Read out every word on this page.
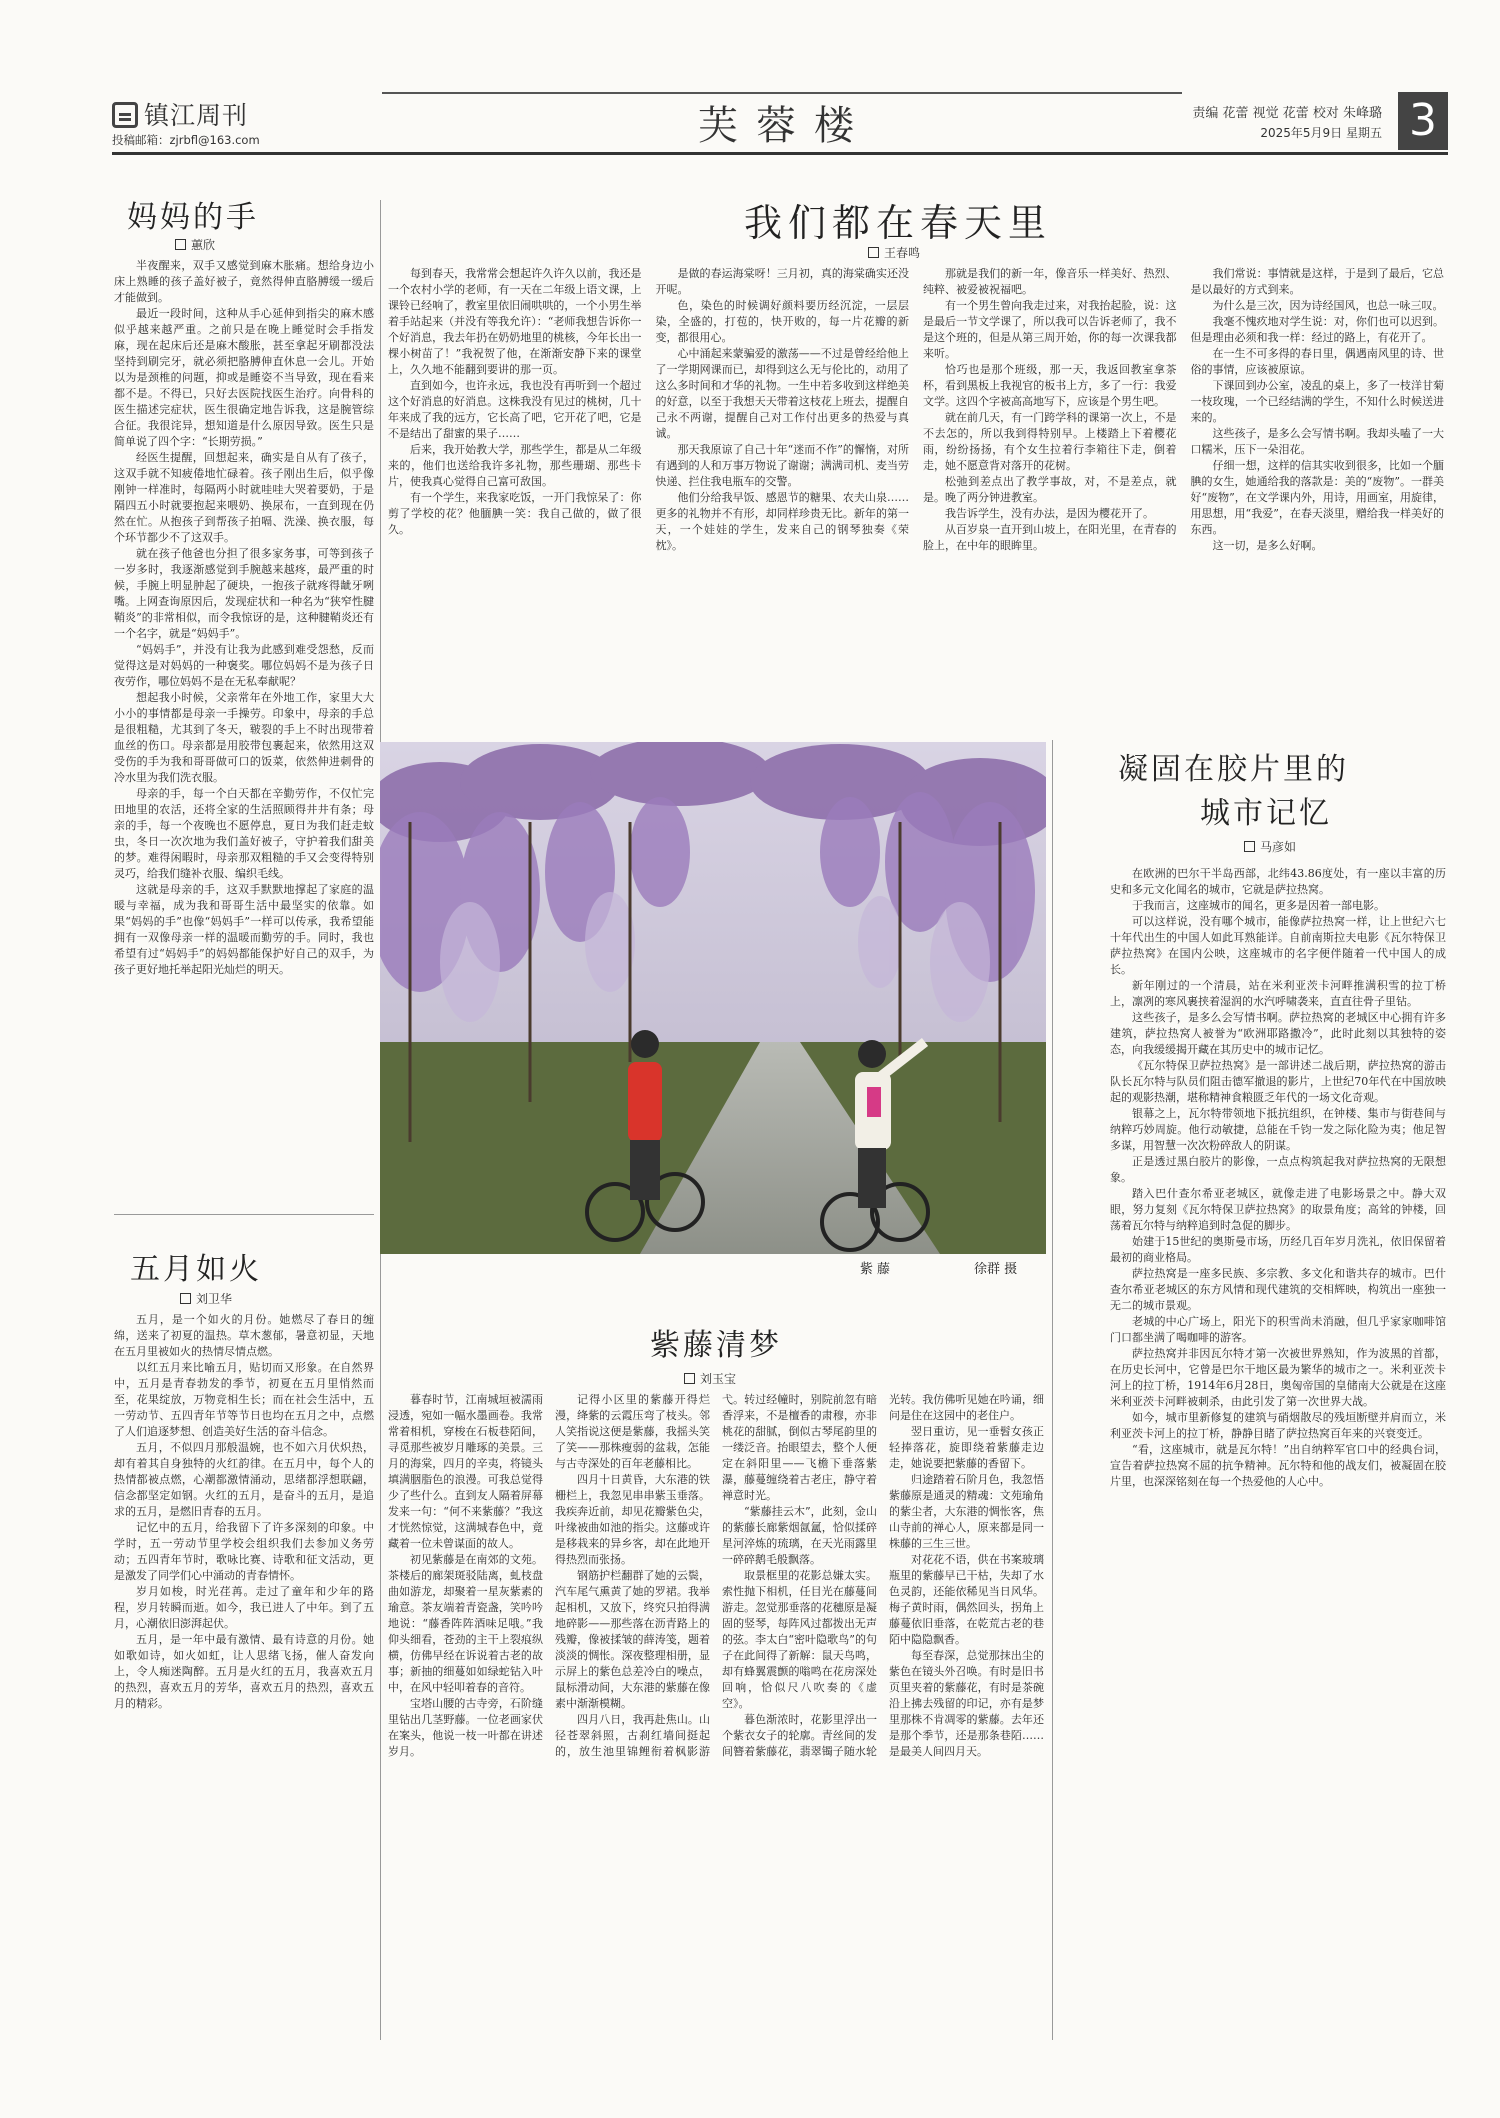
镇江周刊
投稿邮箱：zjrbfl@163.com	芙蓉楼	责编 花蕾 视觉 花蕾 校对 朱峰璐
2025年5月9日 星期五 3
妈妈的手
蕙欣

半夜醒来，双手又感觉到麻木胀痛。想给身边小床上熟睡的孩子盖好被子，竟然得伸直胳膊缓一缓后才能做到。

最近一段时间，这种从手心延伸到指尖的麻木感似乎越来越严重。之前只是在晚上睡觉时会手指发麻，现在起床后还是麻木酸胀，甚至拿起牙刷都没法坚持到刷完牙，就必须把胳膊伸直休息一会儿。开始以为是颈椎的问题，抑或是睡姿不当导致，现在看来都不是。不得已，只好去医院找医生治疗。向骨科的医生描述完症状，医生很确定地告诉我，这是腕管综合征。我很诧异，想知道是什么原因导致。医生只是简单说了四个字：“长期劳损。”

经医生提醒，回想起来，确实是自从有了孩子，这双手就不知疲倦地忙碌着。孩子刚出生后，似乎像刚钟一样准时，每隔两小时就哇哇大哭着要奶，于是隔四五小时就要抱起来喂奶、换尿布，一直到现在仍然在忙。从抱孩子到帮孩子拍嗝、洗澡、换衣服，每个环节都少不了这双手。

就在孩子他爸也分担了很多家务事，可等到孩子一岁多时，我逐渐感觉到手腕越来越疼，最严重的时候，手腕上明显肿起了硬块，一抱孩子就疼得龇牙咧嘴。上网查询原因后，发现症状和一种名为“狭窄性腱鞘炎”的非常相似，而令我惊讶的是，这种腱鞘炎还有一个名字，就是“妈妈手”。

“妈妈手”，并没有让我为此感到难受怨愁，反而觉得这是对妈妈的一种褒奖。哪位妈妈不是为孩子日夜劳作，哪位妈妈不是在无私奉献呢？

想起我小时候，父亲常年在外地工作，家里大大小小的事情都是母亲一手操劳。印象中，母亲的手总是很粗糙，尤其到了冬天，皲裂的手上不时出现带着血丝的伤口。母亲都是用胶带包裹起来，依然用这双受伤的手为我和哥哥做可口的饭菜，依然伸进刺骨的冷水里为我们洗衣服。

母亲的手，每一个白天都在辛勤劳作，不仅忙完田地里的农活，还将全家的生活照顾得井井有条；母亲的手，每一个夜晚也不愿停息，夏日为我们赶走蚊虫，冬日一次次地为我们盖好被子，守护着我们甜美的梦。难得闲暇时，母亲那双粗糙的手又会变得特别灵巧，给我们缝补衣服、编织毛线。

这就是母亲的手，这双手默默地撑起了家庭的温暖与幸福，成为我和哥哥生活中最坚实的依靠。如果“妈妈的手”也像“妈妈手”一样可以传承，我希望能拥有一双像母亲一样的温暖而勤劳的手。同时，我也希望有过“妈妈手”的妈妈都能保护好自己的双手，为孩子更好地托举起阳光灿烂的明天。

五月如火
刘卫华

五月，是一个如火的月份。她燃尽了春日的缠绵，送来了初夏的温热。草木葱郁，暑意初显，天地在五月里被如火的热情尽情点燃。

以红五月来比喻五月，贴切而又形象。在自然界中，五月是青春勃发的季节，初夏在五月里悄然而至，花果绽放，万物竞相生长；而在社会生活中，五一劳动节、五四青年节等节日也均在五月之中，点燃了人们追逐梦想、创造美好生活的奋斗信念。

五月，不似四月那般温婉，也不如六月伏炽热，却有着其自身独特的火红韵律。在五月中，每个人的热情都被点燃，心潮都激情涌动，思绪都浮想联翩，信念都坚定如钢。火红的五月，是奋斗的五月，是追求的五月，是燃旧青春的五月。

记忆中的五月，给我留下了许多深刻的印象。中学时，五一劳动节里学校会组织我们去参加义务劳动；五四青年节时，歌咏比赛、诗歌和征文活动，更是激发了同学们心中涌动的青春情怀。

岁月如梭，时光荏苒。走过了童年和少年的路程，岁月转瞬而逝。如今，我已进人了中年。到了五月，心潮依旧澎湃起伏。

五月，是一年中最有激情、最有诗意的月份。她如歌如诗，如火如虹，让人思绪飞扬，催人奋发向上，令人痴迷陶醉。五月是火红的五月，我喜欢五月的热烈，喜欢五月的芳华，喜欢五月的热烈，喜欢五月的精彩。

我们都在春天里
王春鸣

每到春天，我常常会想起许久许久以前，我还是一个农村小学的老师，有一天在二年级上语文课，上课铃已经响了，教室里依旧闹哄哄的，一个小男生举着手站起来（并没有等我允许）：“老师我想告诉你一个好消息，我去年扔在奶奶地里的桃核，今年长出一棵小树苗了！”我祝贺了他，在渐渐安静下来的课堂上，久久地不能翻到要讲的那一页。

直到如今，也许永远，我也没有再听到一个超过这个好消息的好消息。这株我没有见过的桃树，几十年来成了我的远方，它长高了吧，它开花了吧，它是不是结出了甜蜜的果子……

后来，我开始教大学，那些学生，都是从二年级来的，他们也送给我许多礼物，那些珊瑚、那些卡片，使我真心觉得自己富可敌国。

有一个学生，来我家吃饭，一开门我惊呆了：你剪了学校的花？他腼腆一笑：我自己做的，做了很久。

是做的春运海棠呀！三月初，真的海棠确实还没开呢。

色，染色的时候调好颜料要历经沉淀，一层层染，全盛的，打苞的，快开败的，每一片花瓣的新变，都很用心。

心中涌起来蒙骗爱的激荡——不过是曾经给他上了一学期网课而已，却得到这么无与伦比的，动用了这么多时间和才华的礼物。一生中若多收到这样绝美的好意，以至于我想天天带着这枝花上班去，提醒自己永不两谢，提醒自己对工作付出更多的热爱与真诚。

那天我原谅了自己十年“迷而不作”的懈惰，对所有遇到的人和万事万物说了谢谢；满满司机、麦当劳快递、拦住我电瓶车的交警。

他们分给我早饭、感恩节的糖果、农夫山泉……更多的礼物并不有形，却同样珍贵无比。新年的第一天，一个娃娃的学生，发来自己的钢琴独奏《荣枕》。

那就是我们的新一年，像音乐一样美好、热烈、纯粹、被爱被祝福吧。

有一个男生曾向我走过来，对我抬起脸，说：这是最后一节文学课了，所以我可以告诉老师了，我不是这个班的，但是从第三周开始，你的每一次课我都来听。

恰巧也是那个班级，那一天，我返回教室拿茶杯，看到黑板上我视官的板书上方，多了一行：我爱文学。这四个字被高高地写下，应该是个男生吧。

就在前几天，有一门跨学科的课第一次上，不是不去怎的，所以我到得特别早。上楼踏上下着樱花雨，纷纷扬扬，有个女生拉着行李箱往下走，倒着走，她不愿意背对落开的花树。

松弛到差点出了教学事故，对，不是差点，就是。晚了两分钟进教室。

我告诉学生，没有办法，是因为樱花开了。

从百岁泉一直开到山坡上，在阳光里，在青春的脸上，在中年的眼眸里。

我们常说：事情就是这样，于是到了最后，它总是以最好的方式到来。

为什么是三次，因为诗经国风，也总一咏三叹。

我毫不愧疚地对学生说：对，你们也可以迟到。但是理由必须和我一样：经过的路上，有花开了。

在一生不可多得的春日里，偶遇南风里的诗、世俗的事情，应该被原谅。

下课回到办公室，凌乱的桌上，多了一枝洋甘菊一枝玫瑰，一个已经结满的学生，不知什么时候送进来的。

这些孩子，是多么会写情书啊。我却头嗑了一大口糯米，压下一朵泪花。

仔细一想，这样的信其实收到很多，比如一个腼腆的女生，她通给我的落款是：美的“废物”。一群美好“废物”，在文学课内外，用诗，用画室，用旋律，用思想，用“我爱”，在春天淡里，赠给我一样美好的东西。

这一切，是多么好啊。

紫藤	徐群 摄
凝固在胶片里的
城市记忆
马彦如

在欧洲的巴尔干半岛西部，北纬43.86度处，有一座以丰富的历史和多元文化闻名的城市，它就是萨拉热窝。

于我而言，这座城市的闻名，更多是因着一部电影。

可以这样说，没有哪个城市，能像萨拉热窝一样，让上世纪六七十年代出生的中国人如此耳熟能详。自前南斯拉夫电影《瓦尔特保卫萨拉热窝》在国内公映，这座城市的名字便伴随着一代中国人的成长。

新年刚过的一个清晨，站在米利亚茨卡河畔推满积雪的拉丁桥上，凛冽的寒风裹挟着湿润的水汽呼啸袭来，直直往骨子里钻。

这些孩子，是多么会写情书啊。萨拉热窝的老城区中心拥有许多建筑，萨拉热窝人被誉为“欧洲耶路撒冷”，此时此刻以其独特的姿态，向我缓缓揭开藏在其历史中的城市记忆。

《瓦尔特保卫萨拉热窝》是一部讲述二战后期，萨拉热窝的游击队长瓦尔特与队员们阻击德军撤退的影片，上世纪70年代在中国放映起的观影热潮，堪称精神食粮匮乏年代的一场文化奇观。

银幕之上，瓦尔特带领地下抵抗组织，在钟楼、集市与街巷间与纳粹巧妙周旋。他行动敏捷，总能在千钧一发之际化险为夷；他足智多谋，用智慧一次次粉碎敌人的阴谋。

正是透过黑白胶片的影像，一点点构筑起我对萨拉热窝的无限想象。

踏入巴什查尔希亚老城区，就像走进了电影场景之中。静大双眼，努力复刻《瓦尔特保卫萨拉热窝》的取景角度；高耸的钟楼，回荡着瓦尔特与纳粹追到时急促的脚步。

始建于15世纪的奥斯曼市场，历经几百年岁月洗礼，依旧保留着最初的商业格局。

萨拉热窝是一座多民族、多宗教、多文化和谐共存的城市。巴什查尔希亚老城区的东方风情和现代建筑的交相辉映，构筑出一座独一无二的城市景观。

老城的中心广场上，阳光下的积雪尚未消融，但几乎家家咖啡馆门口都坐满了喝咖啡的游客。

萨拉热窝并非因瓦尔特才第一次被世界熟知，作为波黑的首都，在历史长河中，它曾是巴尔干地区最为繁华的城市之一。米利亚茨卡河上的拉丁桥，1914年6月28日，奥匈帝国的皇储南大公就是在这座米利亚茨卡河畔被刺杀，由此引发了第一次世界大战。

如今，城市里新修复的建筑与硝烟散尽的残垣断壁并肩而立，米利亚茨卡河上的拉丁桥，静静目睹了萨拉热窝百年来的兴衰变迁。

“看，这座城市，就是瓦尔特！”出自纳粹军官口中的经典台词，宣告着萨拉热窝不屈的抗争精神。瓦尔特和他的战友们，被凝固在胶片里，也深深铭刻在每一个热爱他的人心中。

紫藤清梦
刘玉宝

暮春时节，江南城垣被濡雨浸透，宛如一幅水墨画卷。我常常着相机，穿梭在石板巷陌间，寻觅那些被岁月雕琢的美景。三月的海棠，四月的辛夷，将镜头填满胭脂色的浪漫。可我总觉得少了些什么。直到友人隔着屏幕发来一句：“何不来紫藤？”我这才恍然惊觉，这满城春色中，竟藏着一位未曾谋面的故人。

初见紫藤是在南郊的文苑。茶楼后的廊架斑驳陆离，虬枝盘曲如游龙，却聚着一星灰紫素的瑜意。茶友端着青瓷盏，笑吟吟地说：“藤香阵阵酒味足哦。”我仰头细看，苍劲的主干上裂痕纵横，仿佛早经在诉说着古老的故事；新抽的细蔓如如绿蛇钻入叶中，在风中轻叩着春的音符。

宝塔山腰的古寺旁，石阶缝里钻出几茎野藤。一位老画家伏在案头，他说一枝一叶都在讲述岁月。

记得小区里的紫藤开得烂漫，绛紫的云霞压弯了枝头。邻人笑指说这便是紫藤，我摇头笑了笑——那株瘦弱的盆栽，怎能与古寺深处的百年老藤相比。

四月十日黄昏，大东港的铁栅栏上，我忽见串串紫玉垂落。我疾奔近前，却见花瓣紫色尖，叶缘被曲如池的指尖。这藤或许是移栽来的异乡客，却在此地开得热烈而张扬。

钢筋护栏翻群了她的云鬓，汽车尾气熏黄了她的罗裙。我举起相机，又放下，终究只拍得满地碎影——那些落在沥青路上的残瓣，像被揉皱的薛涛笺，题着淡淡的惆怅。深夜整理相册，显示屏上的紫色总差冷白的噪点，鼠标滑动间，大东港的紫藤在像素中渐渐模糊。

四月八日，我再赴焦山。山径苍翠斜照，古刹红墙间挺起的，放生池里锦鲤衔着枫影游弋。转过经幢时，别院前忽有暗香浮来，不是檀香的肃穆，亦非桃花的甜腻，倒似古琴尾韵里的一缕泛音。抬眼望去，整个人便定在斜阳里——飞檐下垂落紫瀑，藤蔓缠绕着古老庄，静守着禅意时光。

“紫藤挂云木”，此刻，金山的紫藤长廊紫烟氤氲，恰似揉碎星河淬炼的琉璃，在天光雨露里一碎碎鹅毛般飘落。

取景框里的花影总嫌太实。索性抛下相机，任目光在藤蔓间游走。忽觉那垂落的花穗原是凝固的竖琴，每阵风过都拨出无声的弦。李太白“密叶隐歌鸟”的句子在此间得了新解：鼠天鸟鸣，却有蜂翼震颤的嗡鸣在花房深处回响，恰似尺八吹奏的《虚空》。

暮色渐浓时，花影里浮出一个紫衣女子的轮廓。青丝间的发间簪着紫藤花，翡翠镯子随水轮光转。我仿佛听见她在吟诵，细问是住在这园中的老住户。

翌日重访，见一垂髫女孩正轻捧落花，旋即绕着紫藤走边走，她说要把紫藤的香留下。

归途踏着石阶月色，我忽悟紫藤原是通灵的精魂：文苑瑜角的紫尘者，大东港的惆怅客，焦山寺前的禅心人，原来都是同一株藤的三生三世。

对花花不语，供在书案玻璃瓶里的紫藤早已干枯，失却了水色灵韵，还能依稀见当日风华。梅子黄时雨，偶然回头，拐角上藤蔓依旧垂落，在乾荒古老的巷陌中隐隐飘香。

每至春深，总觉那抹出尘的紫色在镜头外召唤。有时是旧书页里夹着的紫藤花，有时是茶碗沿上拂去残留的印记，亦有是梦里那株不肯凋零的紫藤。去年还是那个季节，还是那条巷陌……是最美人间四月天。
